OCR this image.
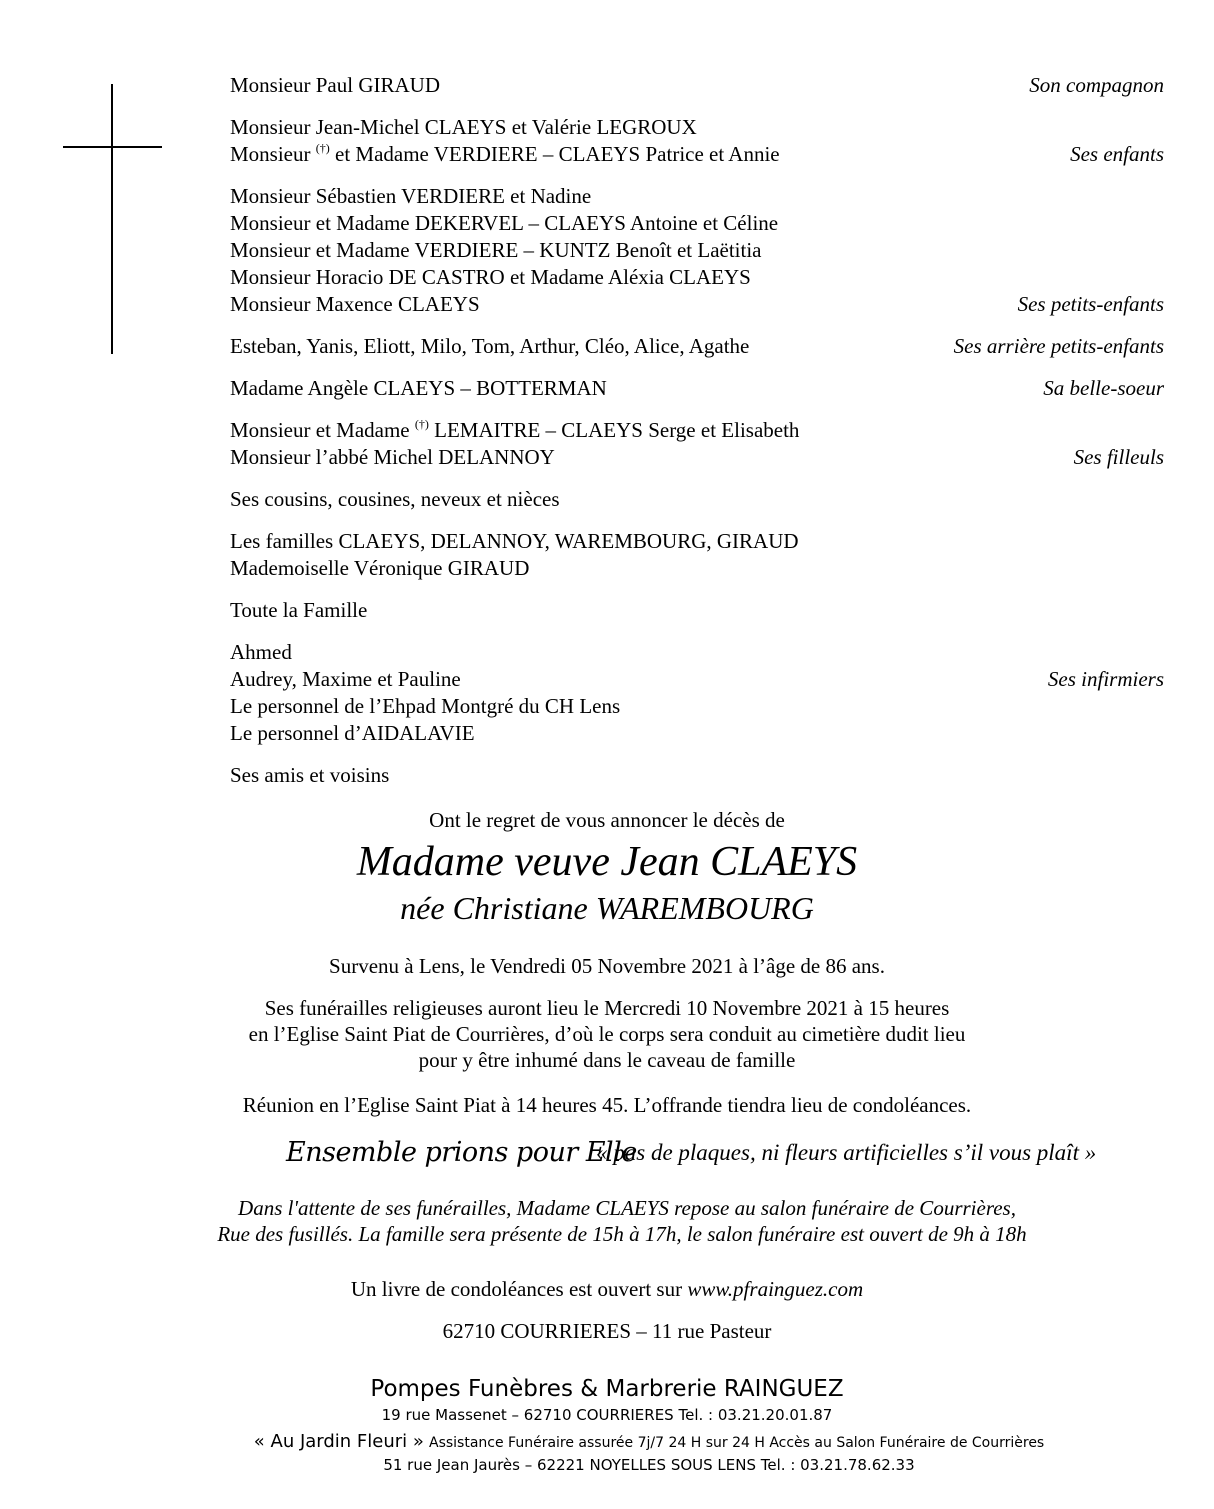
Monsieur Paul GIRAUD	Son compagnon
Monsieur Jean-Michel CLAEYS et Valérie LEGROUX
Monsieur (†) et Madame VERDIERE – CLAEYS Patrice et Annie	Ses enfants
Monsieur Sébastien VERDIERE et Nadine
Monsieur et Madame DEKERVEL – CLAEYS Antoine et Céline
Monsieur et Madame VERDIERE – KUNTZ Benoît et Laëtitia
Monsieur Horacio DE CASTRO et Madame Aléxia CLAEYS
Monsieur Maxence CLAEYS	Ses petits-enfants
Esteban, Yanis, Eliott, Milo, Tom, Arthur, Cléo, Alice, Agathe	Ses arrière petits-enfants
Madame Angèle CLAEYS – BOTTERMAN	Sa belle-soeur
Monsieur et Madame (†) LEMAITRE – CLAEYS Serge et Elisabeth
Monsieur l’abbé Michel DELANNOY	Ses filleuls
Ses cousins, cousines, neveux et nièces
Les familles CLAEYS, DELANNOY, WAREMBOURG, GIRAUD
Mademoiselle Véronique GIRAUD
Toute la Famille
Ahmed
Audrey, Maxime et Pauline	Ses infirmiers
Le personnel de l’Ehpad Montgré du CH Lens
Le personnel d’AIDALAVIE
Ses amis et voisins
Ont le regret de vous annoncer le décès de
Madame veuve Jean CLAEYS
née Christiane WAREMBOURG
Survenu à Lens, le Vendredi 05 Novembre 2021 à l’âge de 86 ans.
Ses funérailles religieuses auront lieu le Mercredi 10 Novembre 2021 à 15 heures
en l’Eglise Saint Piat de Courrières, d’où le corps sera conduit au cimetière dudit lieu
pour y être inhumé dans le caveau de famille
Réunion en l’Eglise Saint Piat à 14 heures 45. L’offrande tiendra lieu de condoléances.
Ensemble prions pour Elle
« pas de plaques, ni fleurs artificielles s’il vous plaît »
Dans l'attente de ses funérailles, Madame CLAEYS repose au salon funéraire de Courrières,
Rue des fusillés. La famille sera présente de 15h à 17h, le salon funéraire est ouvert de 9h à 18h
Un livre de condoléances est ouvert sur www.pfrainguez.com
62710 COURRIERES – 11 rue Pasteur
Pompes Funèbres & Marbrerie RAINGUEZ
19 rue Massenet – 62710 COURRIERES Tel. : 03.21.20.01.87
« Au Jardin Fleuri » Assistance Funéraire assurée 7j/7 24 H sur 24 H Accès au Salon Funéraire de Courrières
51 rue Jean Jaurès – 62221 NOYELLES SOUS LENS Tel. : 03.21.78.62.33
